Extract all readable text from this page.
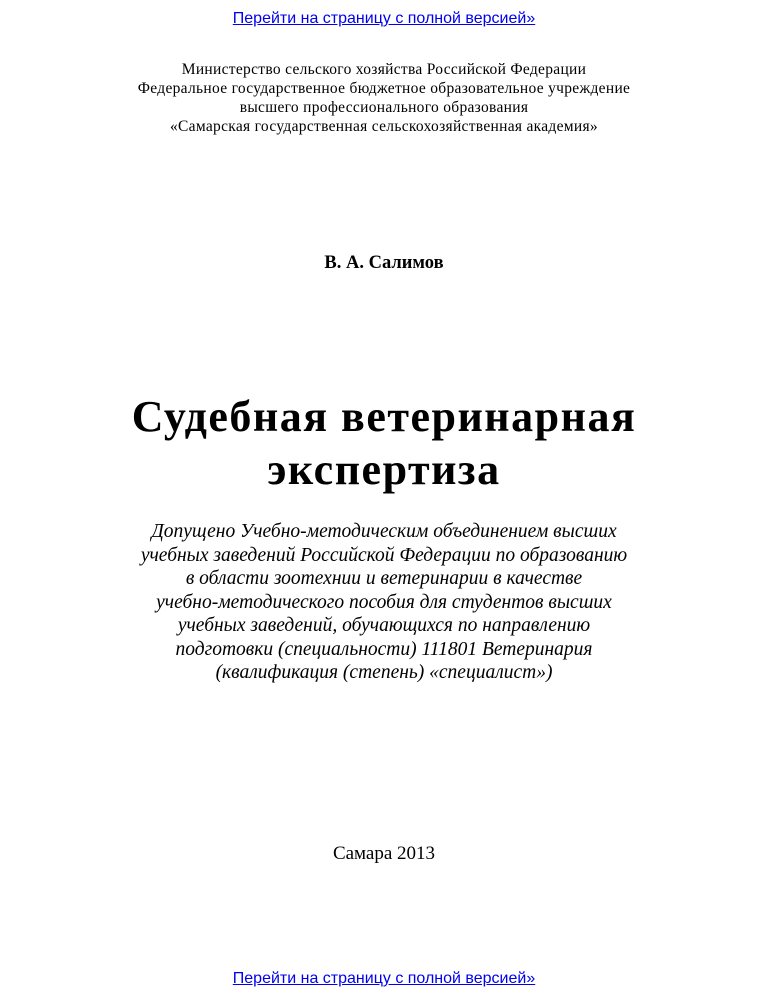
Перейти на страницу с полной версией»
Министерство сельского хозяйства Российской Федерации
Федеральное государственное бюджетное образовательное учреждение
высшего профессионального образования
«Самарская государственная сельскохозяйственная академия»
В. А. Салимов
Судебная ветеринарная
экспертиза
Допущено Учебно-методическим объединением высших
учебных заведений Российской Федерации по образованию
в области зоотехнии и ветеринарии в качестве
учебно-методического пособия для студентов высших
учебных заведений, обучающихся по направлению
подготовки (специальности) 111801 Ветеринария
(квалификация (степень) «специалист»)
Самара 2013
Перейти на страницу с полной версией»
